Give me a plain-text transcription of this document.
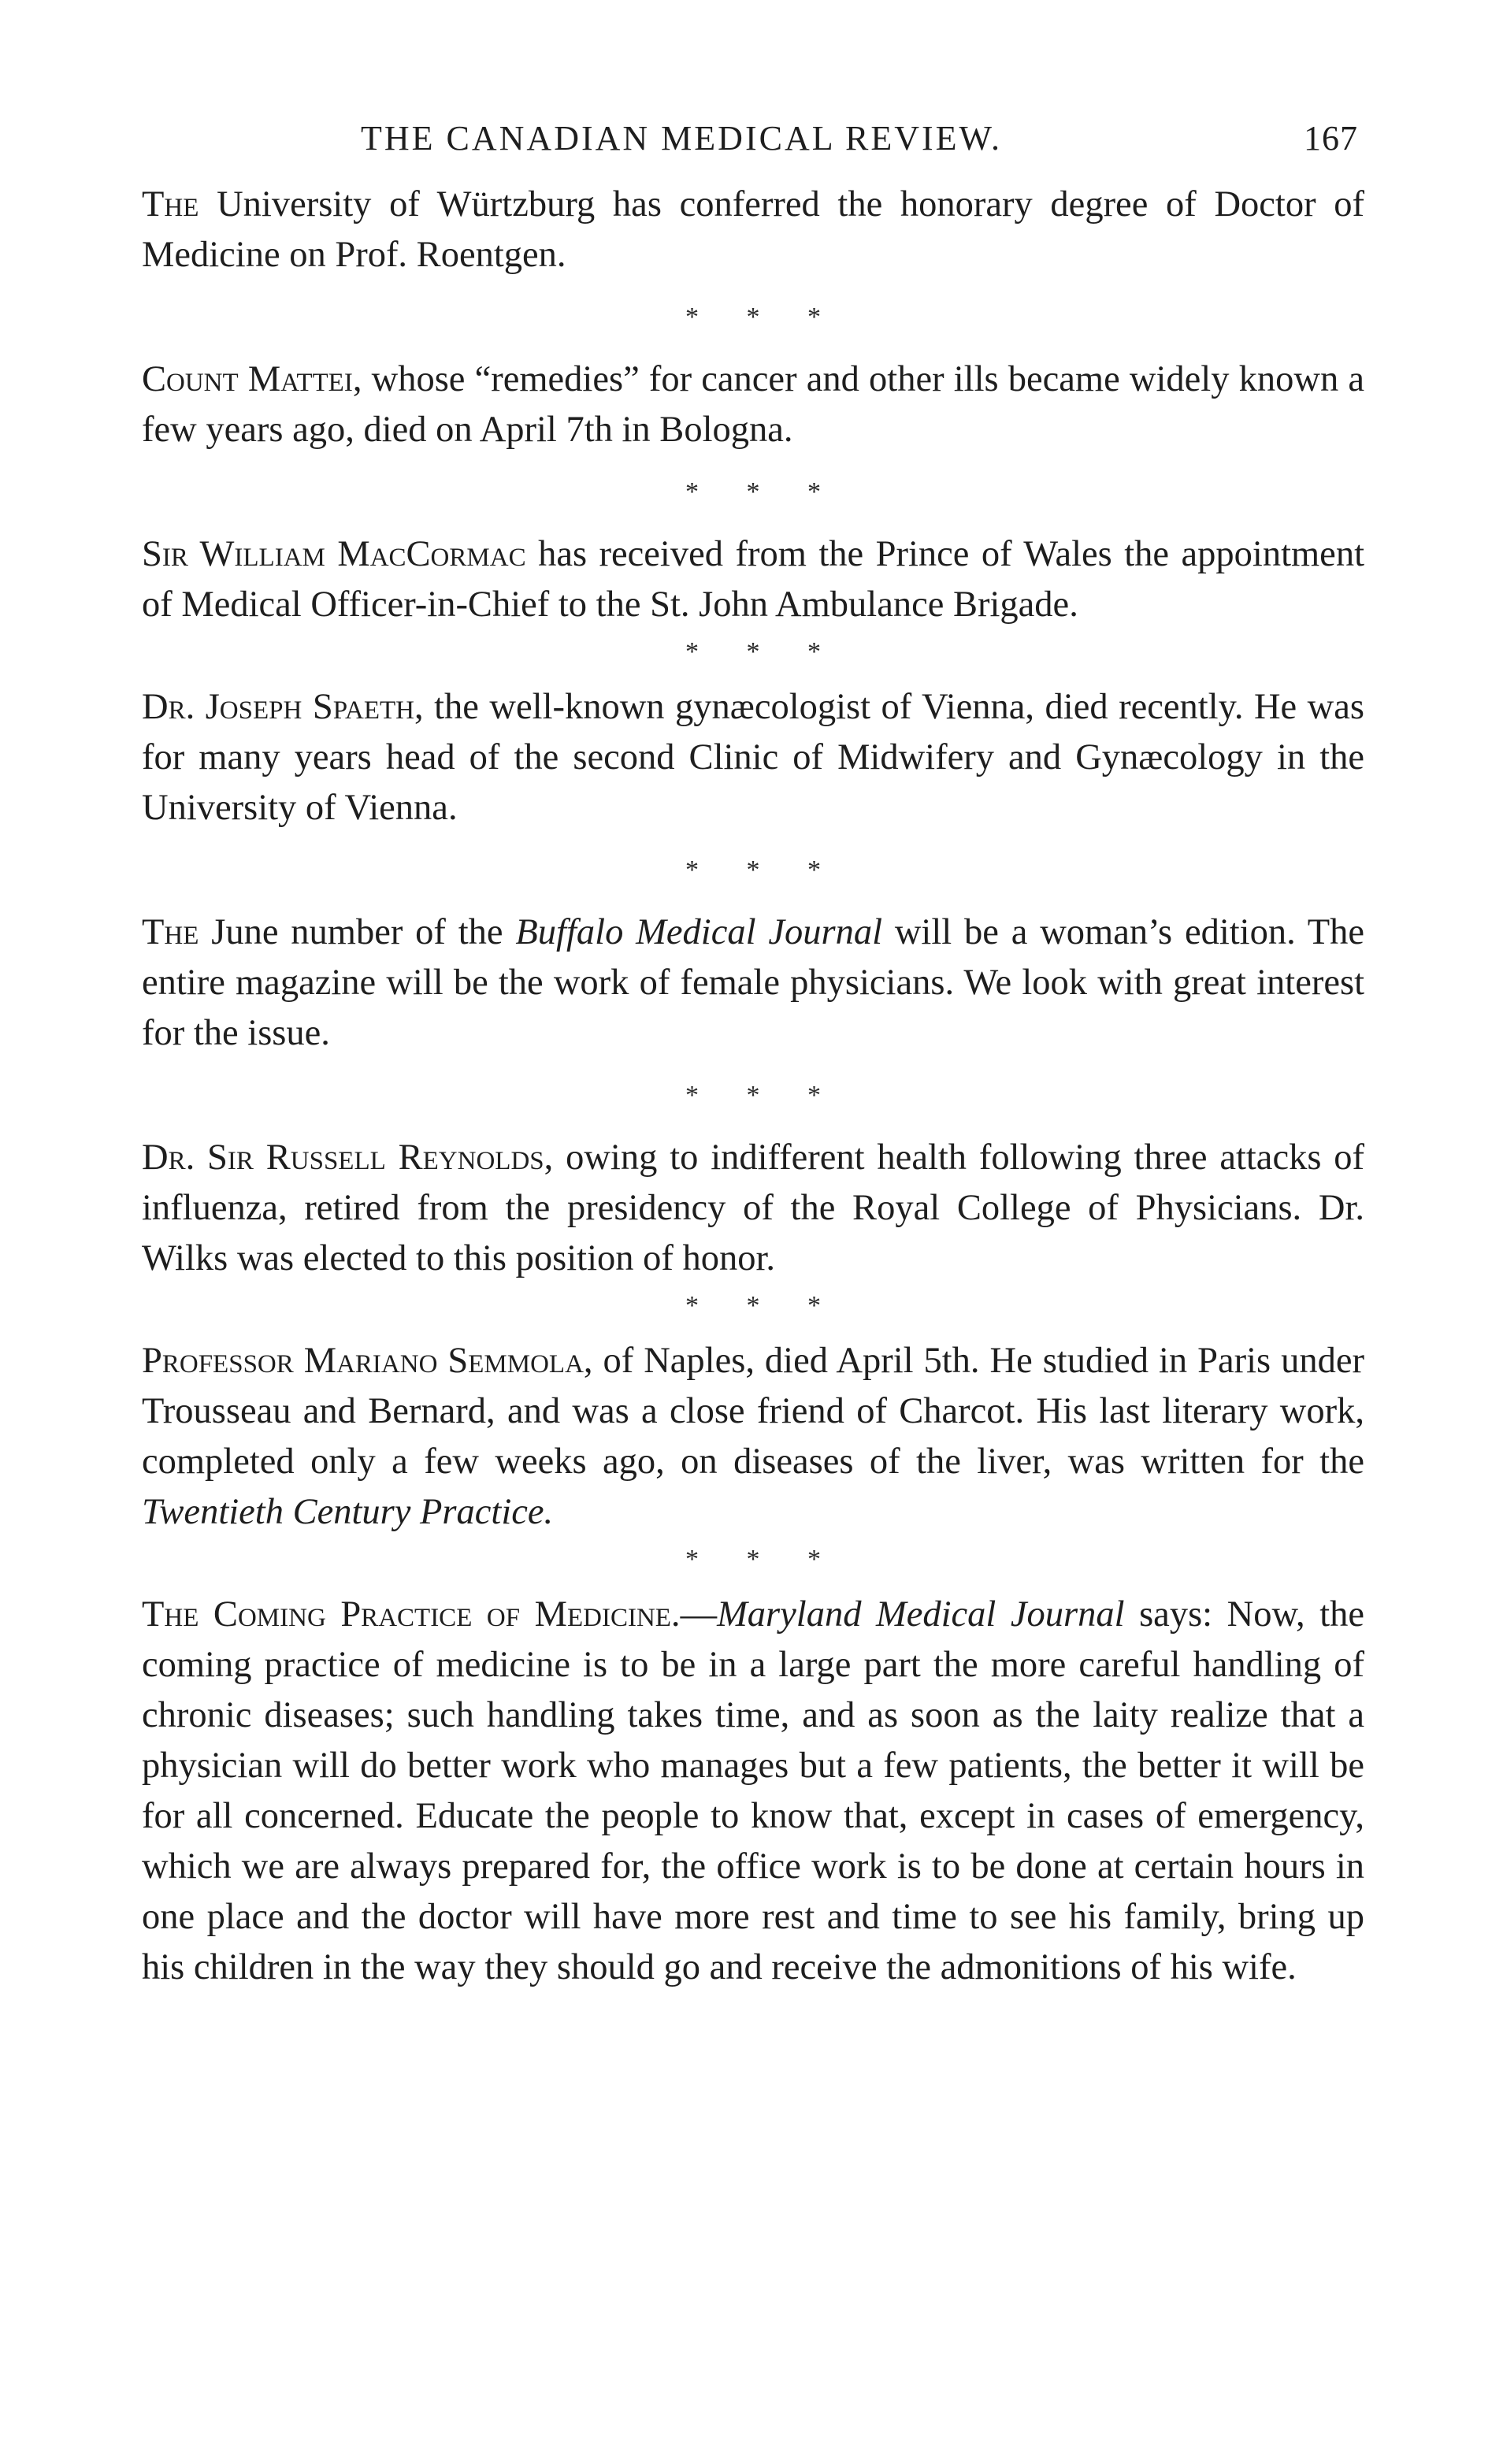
THE CANADIAN MEDICAL REVIEW.	167

The University of Würtzburg has conferred the honorary degree of Doctor of Medicine on Prof. Roentgen.

* * *

Count Mattei, whose “remedies” for cancer and other ills became widely known a few years ago, died on April 7th in Bologna.

* * *

Sir William MacCormac has received from the Prince of Wales the appointment of Medical Officer-in-Chief to the St. John Ambulance Brigade.

* * *

Dr. Joseph Spaeth, the well-known gynæcologist of Vienna, died recently. He was for many years head of the second Clinic of Midwifery and Gynæcology in the University of Vienna.

* * *

The June number of the Buffalo Medical Journal will be a woman’s edition. The entire magazine will be the work of female physicians. We look with great interest for the issue.

* * *

Dr. Sir Russell Reynolds, owing to indifferent health following three attacks of influenza, retired from the presidency of the Royal College of Physicians. Dr. Wilks was elected to this position of honor.

* * *

Professor Mariano Semmola, of Naples, died April 5th. He studied in Paris under Trousseau and Bernard, and was a close friend of Charcot. His last literary work, completed only a few weeks ago, on diseases of the liver, was written for the Twentieth Century Practice.

* * *

The Coming Practice of Medicine.—Maryland Medical Journal says: Now, the coming practice of medicine is to be in a large part the more careful handling of chronic diseases; such handling takes time, and as soon as the laity realize that a physician will do better work who manages but a few patients, the better it will be for all concerned. Educate the people to know that, except in cases of emergency, which we are always prepared for, the office work is to be done at certain hours in one place and the doctor will have more rest and time to see his family, bring up his children in the way they should go and receive the admonitions of his wife.
